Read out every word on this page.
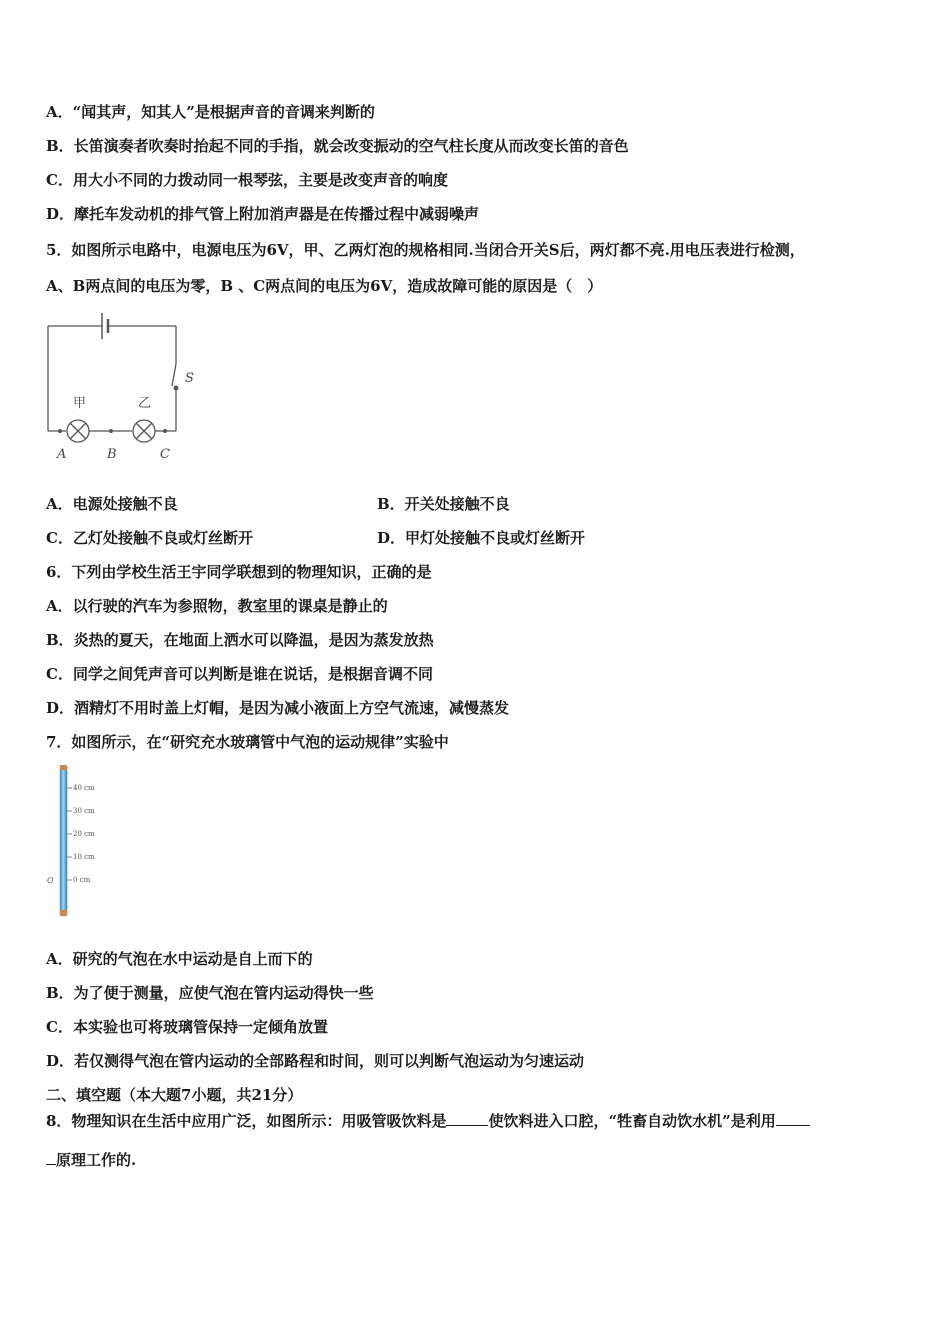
A．“闻其声，知其人”是根据声音的音调来判断的
B．长笛演奏者吹奏时抬起不同的手指，就会改变振动的空气柱长度从而改变长笛的音色
C．用大小不同的力拨动同一根琴弦，主要是改变声音的响度
D．摩托车发动机的排气管上附加消声器是在传播过程中减弱噪声
5．如图所示电路中，电源电压为6V，甲、乙两灯泡的规格相同.当闭合开关S后，两灯都不亮.用电压表进行检测，
A、B两点间的电压为零，B 、C两点间的电压为6V，造成故障可能的原因是（　）
S
甲	乙
A	B	C
A．电源处接触不良	B．开关处接触不良
C．乙灯处接触不良或灯丝断开	D．甲灯处接触不良或灯丝断开
6．下列由学校生活王宇同学联想到的物理知识，正确的是
A．以行驶的汽车为参照物，教室里的课桌是静止的
B．炎热的夏天，在地面上洒水可以降温，是因为蒸发放热
C．同学之间凭声音可以判断是谁在说话，是根据音调不同
D．酒精灯不用时盖上灯帽，是因为减小液面上方空气流速，减慢蒸发
7．如图所示，在“研究充水玻璃管中气泡的运动规律”实验中
40 cm
30 cm
20 cm
10 cm
0 cm
O
A．研究的气泡在水中运动是自上而下的
B．为了便于测量，应使气泡在管内运动得快一些
C．本实验也可将玻璃管保持一定倾角放置
D．若仅测得气泡在管内运动的全部路程和时间，则可以判断气泡运动为匀速运动
二、填空题（本大题7小题，共21分）
8．物理知识在生活中应用广泛，如图所示：用吸管吸饮料是	使饮料进入口腔，“牲畜自动饮水机”是利用
原理工作的.
